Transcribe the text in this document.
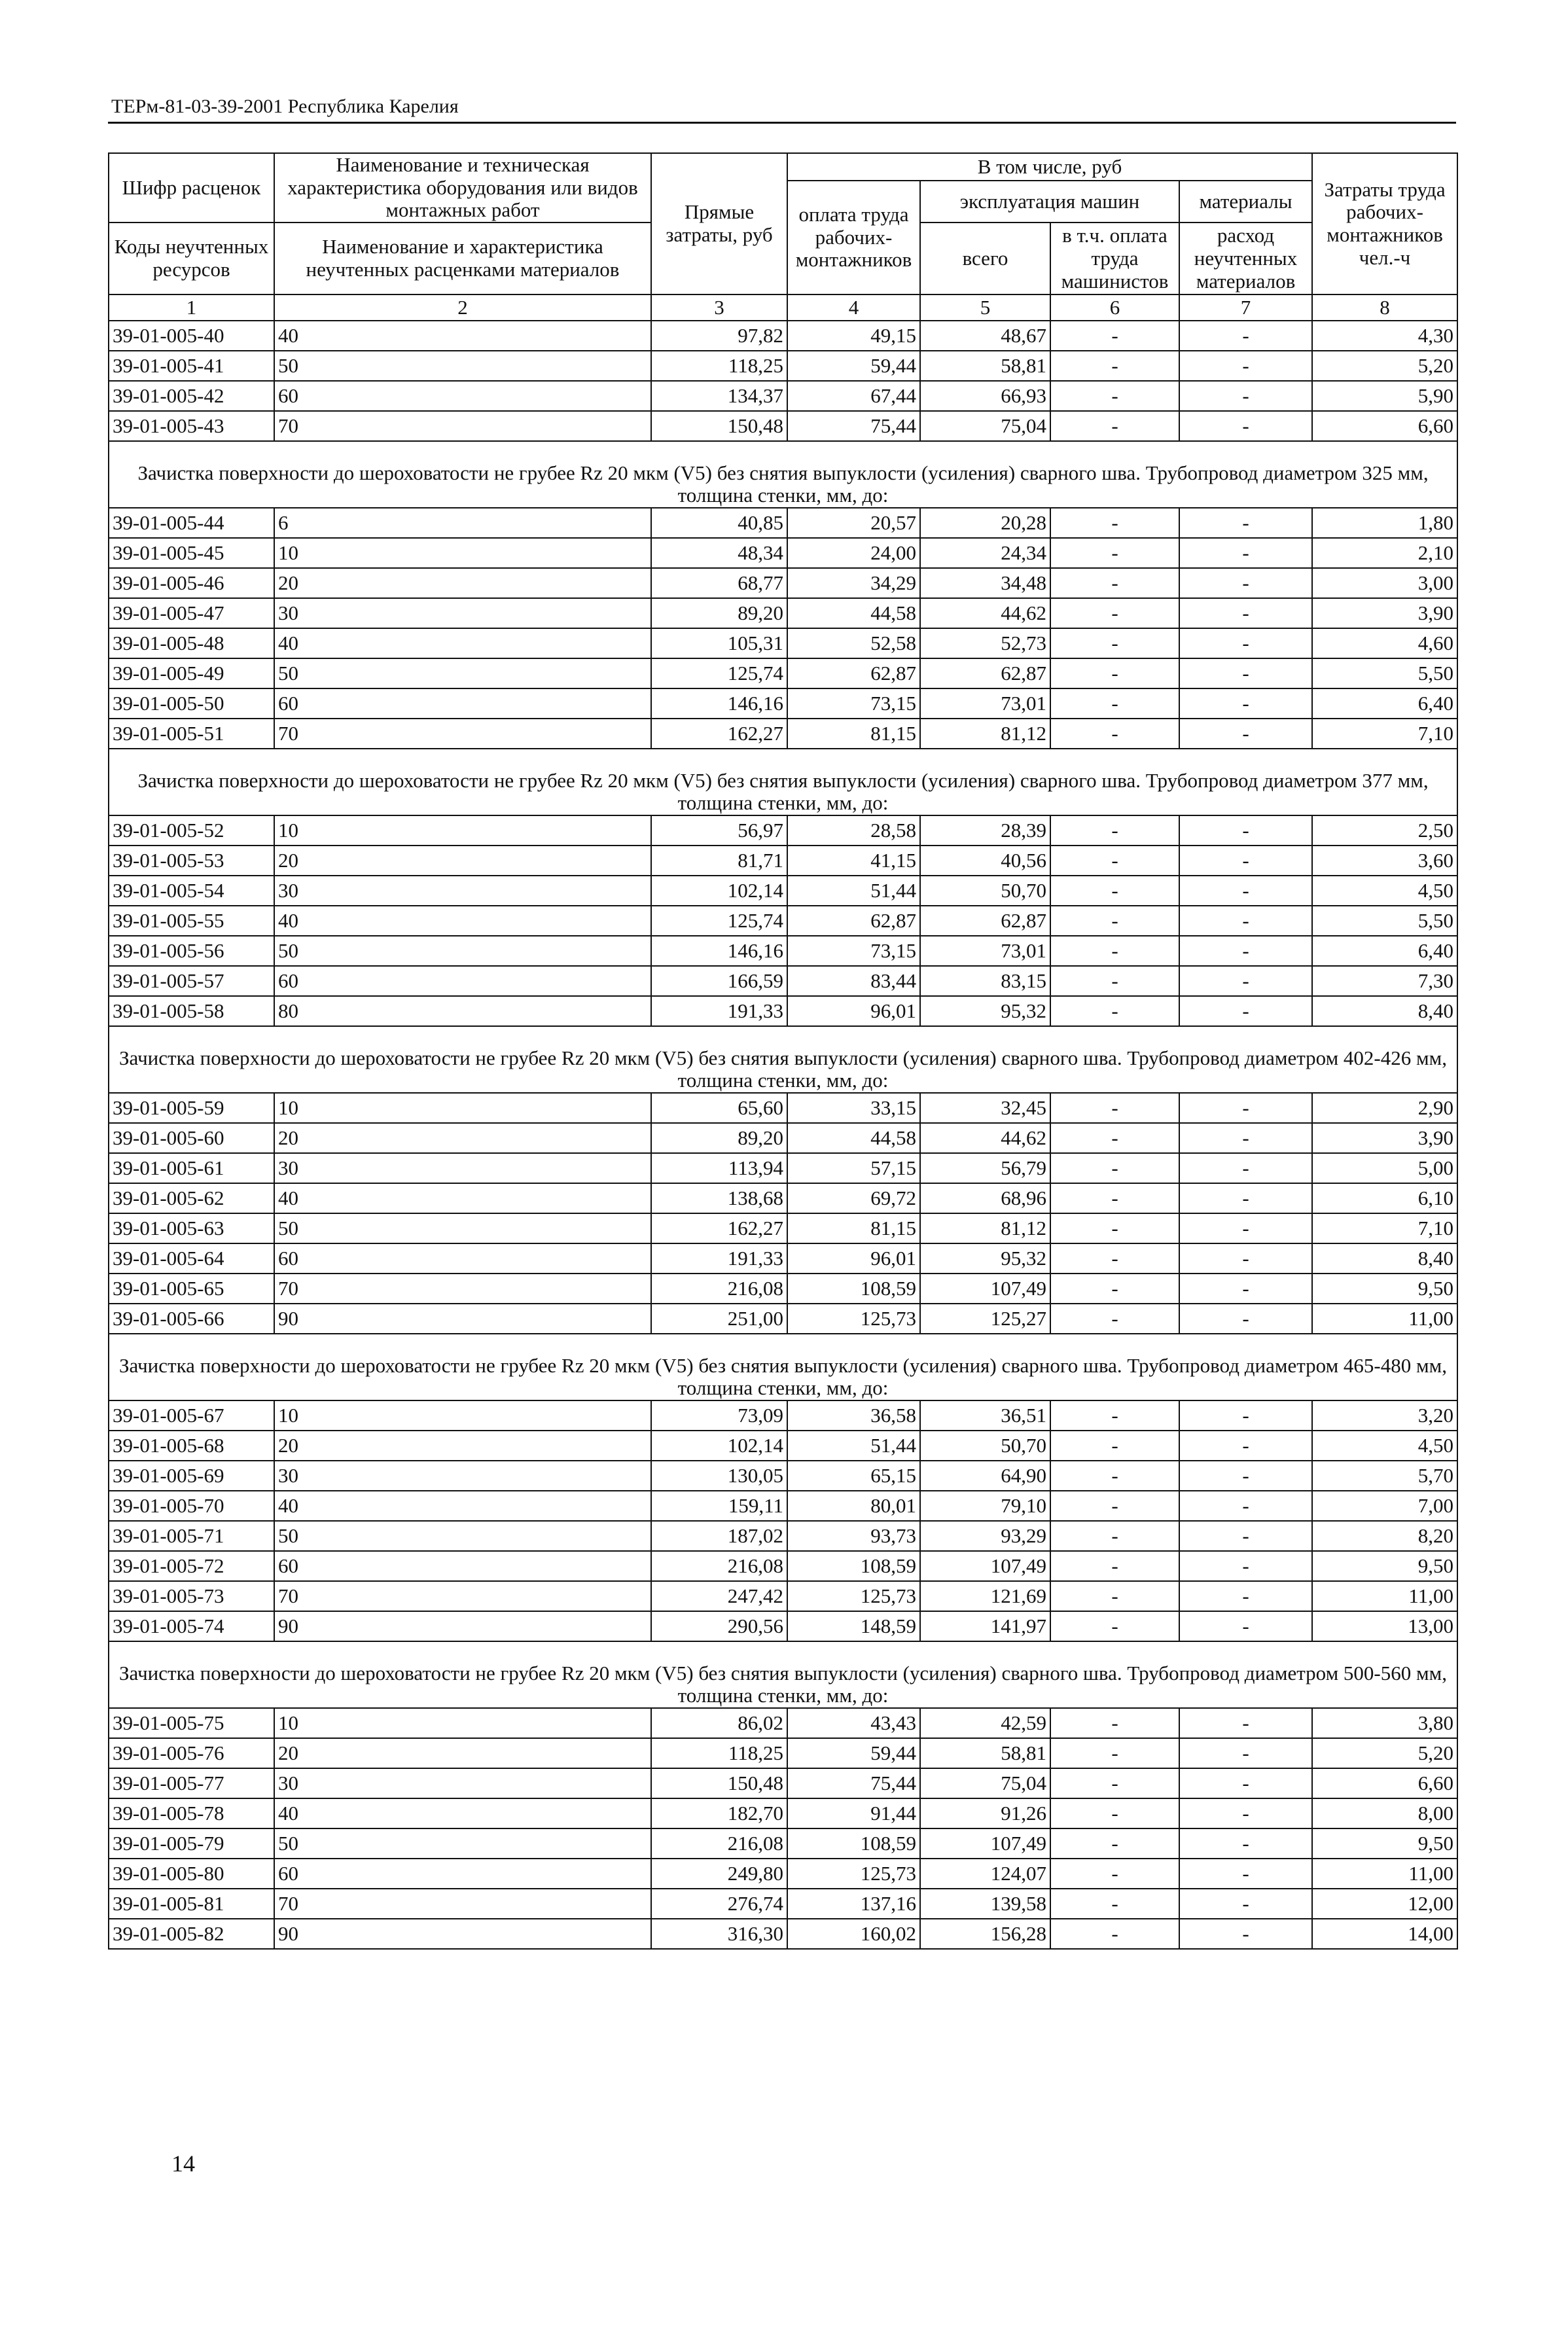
ТЕРм-81-03-39-2001 Республика Карелия
Шифр расценок	Наименование и техническая характеристика оборудования или видов монтажных работ	Прямые затраты, руб	В том числе, руб				Затраты труда рабочих-монтажников чел.-ч
			оплата труда рабочих-монтажников	эксплуатация машин		материалы	
Коды неучтенных ресурсов	Наименование и характеристика неучтенных расценками материалов			всего	в т.ч. оплата труда машинистов	расход неучтенных материалов	

1	2	3	4	5	6	7	8
39-01-005-40	40	97,82	49,15	48,67	-	-	4,30
39-01-005-41	50	118,25	59,44	58,81	-	-	5,20
39-01-005-42	60	134,37	67,44	66,93	-	-	5,90
39-01-005-43	70	150,48	75,44	75,04	-	-	6,60
Зачистка поверхности до шероховатости не грубее Rz 20 мкм (V5) без снятия выпуклости (усиления) сварного шва. Трубопровод диаметром 325 мм, толщина стенки, мм, до:							
39-01-005-44	6	40,85	20,57	20,28	-	-	1,80
39-01-005-45	10	48,34	24,00	24,34	-	-	2,10
39-01-005-46	20	68,77	34,29	34,48	-	-	3,00
39-01-005-47	30	89,20	44,58	44,62	-	-	3,90
39-01-005-48	40	105,31	52,58	52,73	-	-	4,60
39-01-005-49	50	125,74	62,87	62,87	-	-	5,50
39-01-005-50	60	146,16	73,15	73,01	-	-	6,40
39-01-005-51	70	162,27	81,15	81,12	-	-	7,10
Зачистка поверхности до шероховатости не грубее Rz 20 мкм (V5) без снятия выпуклости (усиления) сварного шва. Трубопровод диаметром 377 мм, толщина стенки, мм, до:							
39-01-005-52	10	56,97	28,58	28,39	-	-	2,50
39-01-005-53	20	81,71	41,15	40,56	-	-	3,60
39-01-005-54	30	102,14	51,44	50,70	-	-	4,50
39-01-005-55	40	125,74	62,87	62,87	-	-	5,50
39-01-005-56	50	146,16	73,15	73,01	-	-	6,40
39-01-005-57	60	166,59	83,44	83,15	-	-	7,30
39-01-005-58	80	191,33	96,01	95,32	-	-	8,40
Зачистка поверхности до шероховатости не грубее Rz 20 мкм (V5) без снятия выпуклости (усиления) сварного шва. Трубопровод диаметром 402-426 мм, толщина стенки, мм, до:							
39-01-005-59	10	65,60	33,15	32,45	-	-	2,90
39-01-005-60	20	89,20	44,58	44,62	-	-	3,90
39-01-005-61	30	113,94	57,15	56,79	-	-	5,00
39-01-005-62	40	138,68	69,72	68,96	-	-	6,10
39-01-005-63	50	162,27	81,15	81,12	-	-	7,10
39-01-005-64	60	191,33	96,01	95,32	-	-	8,40
39-01-005-65	70	216,08	108,59	107,49	-	-	9,50
39-01-005-66	90	251,00	125,73	125,27	-	-	11,00
Зачистка поверхности до шероховатости не грубее Rz 20 мкм (V5) без снятия выпуклости (усиления) сварного шва. Трубопровод диаметром 465-480 мм, толщина стенки, мм, до:							
39-01-005-67	10	73,09	36,58	36,51	-	-	3,20
39-01-005-68	20	102,14	51,44	50,70	-	-	4,50
39-01-005-69	30	130,05	65,15	64,90	-	-	5,70
39-01-005-70	40	159,11	80,01	79,10	-	-	7,00
39-01-005-71	50	187,02	93,73	93,29	-	-	8,20
39-01-005-72	60	216,08	108,59	107,49	-	-	9,50
39-01-005-73	70	247,42	125,73	121,69	-	-	11,00
39-01-005-74	90	290,56	148,59	141,97	-	-	13,00
Зачистка поверхности до шероховатости не грубее Rz 20 мкм (V5) без снятия выпуклости (усиления) сварного шва. Трубопровод диаметром 500-560 мм, толщина стенки, мм, до:							
39-01-005-75	10	86,02	43,43	42,59	-	-	3,80
39-01-005-76	20	118,25	59,44	58,81	-	-	5,20
39-01-005-77	30	150,48	75,44	75,04	-	-	6,60
39-01-005-78	40	182,70	91,44	91,26	-	-	8,00
39-01-005-79	50	216,08	108,59	107,49	-	-	9,50
39-01-005-80	60	249,80	125,73	124,07	-	-	11,00
39-01-005-81	70	276,74	137,16	139,58	-	-	12,00
39-01-005-82	90	316,30	160,02	156,28	-	-	14,00
14
